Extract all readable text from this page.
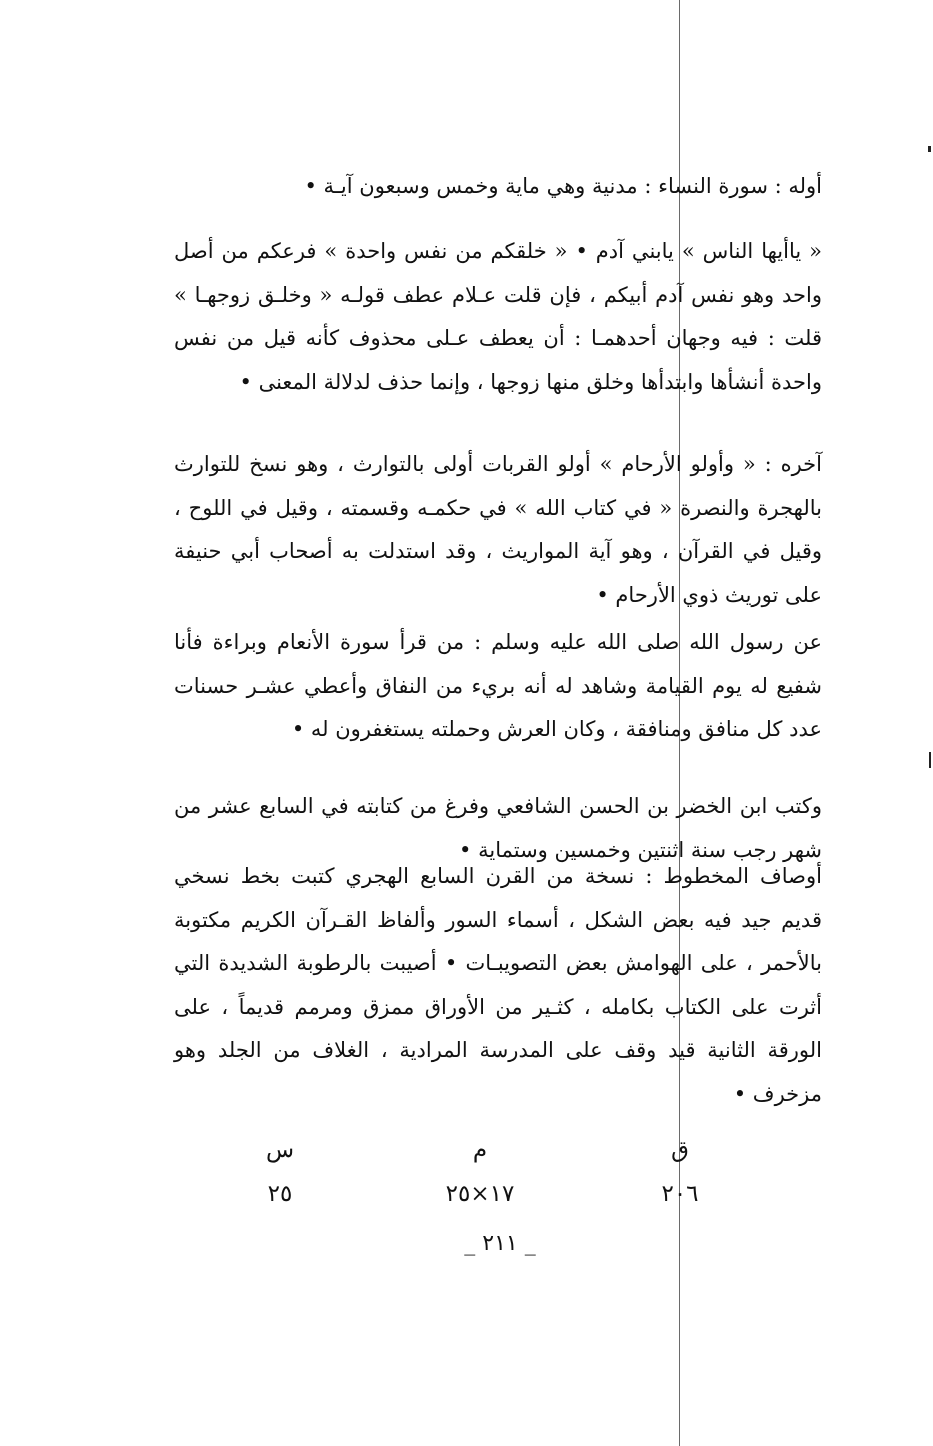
أوله : سورة النساء : مدنية وهي ماية وخمس وسبعون آيـة •

« ياأيها الناس » يابني آدم • « خلقكم من نفس واحدة » فرعكم من أصل واحد وهو نفس آدم أبيكم ، فإن قلت عـلام عطف قولـه « وخلـق زوجهـا » قلت : فيه وجهان أحدهمـا : أن يعطف عـلى محذوف كأنه قيل من نفس واحدة أنشأها وابتدأها وخلق منها زوجها ، وإنما حذف لدلالة المعنى •

آخره : « وأولو الأرحام » أولو القربات أولى بالتوارث ، وهو نسخ للتوارث بالهجرة والنصرة « في كتاب الله » في حكمـه وقسمته ، وقيل في اللوح ، وقيل في القرآن ، وهو آية المواريث ، وقد استدلت به أصحاب أبي حنيفة على توريث ذوي الأرحام •

عن رسول الله صلى الله عليه وسلم : من قرأ سورة الأنعام وبراءة فأنا شفيع له يوم القيامة وشاهد له أنه بريء من النفاق وأعطي عشـر حسنات عدد كل منافق ومنافقة ، وكان العرش وحملته يستغفرون له •

وكتب ابن الخضر بن الحسن الشافعي وفرغ من كتابته في السابع عشر من شهر رجب سنة اثنتين وخمسين وستماية •

أوصاف المخطوط : نسخة من القرن السابع الهجري كتبت بخط نسخي قديم جيد فيه بعض الشكل ، أسماء السور وألفاظ القـرآن الكريم مكتوبة بالأحمر ، على الهوامش بعض التصويبـات • أصيبت بالرطوبة الشديدة التي أثرت على الكتاب بكامله ، كثـير من الأوراق ممزق ومرمم قديماً ، على الورقة الثانية قيد وقف على المدرسة المرادية ، الغلاف من الجلد وهو مزخرف •

ق
٢٠٦
م
١٧×٢٥
س
٢٥
_ ٢١١ _
